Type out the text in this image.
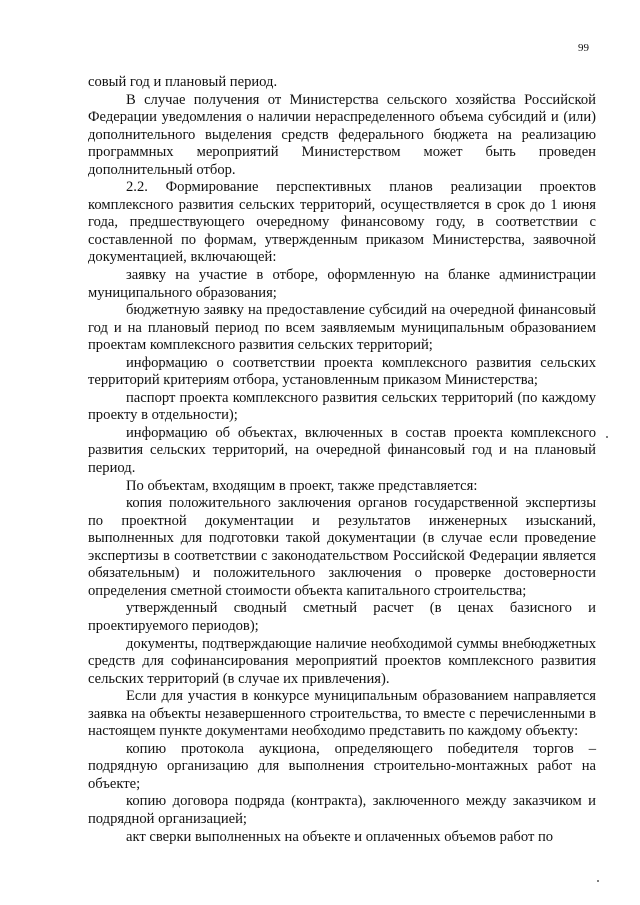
99

совый год и плановый период.

В случае получения от Министерства сельского хозяйства Российской Федерации уведомления о наличии нераспределенного объема субсидий и (или) дополнительного выделения средств федерального бюджета на реализацию программных мероприятий Министерством может быть проведен дополнительный отбор.

2.2. Формирование перспективных планов реализации проектов комплексного развития сельских территорий, осуществляется в срок до 1 июня года, предшествующего очередному финансовому году, в соответствии с составленной по формам, утвержденным приказом Министерства, заявочной документацией, включающей:

заявку на участие в отборе, оформленную на бланке администрации муниципального образования;

бюджетную заявку на предоставление субсидий на очередной финансовый год и на плановый период по всем заявляемым муниципальным образованием проектам комплексного развития сельских территорий;

информацию о соответствии проекта комплексного развития сельских территорий критериям отбора, установленным приказом Министерства;

паспорт проекта комплексного развития сельских территорий (по каждому проекту в отдельности);

информацию об объектах, включенных в состав проекта комплексного развития сельских территорий, на очередной финансовый год и на плановый период.

По объектам, входящим в проект, также представляется:

копия положительного заключения органов государственной экспертизы по проектной документации и результатов инженерных изысканий, выполненных для подготовки такой документации (в случае если проведение экспертизы в соответствии с законодательством Российской Федерации является обязательным) и положительного заключения о проверке достоверности определения сметной стоимости объекта капитального строительства;

утвержденный сводный сметный расчет (в ценах базисного и проектируемого периодов);

документы, подтверждающие наличие необходимой суммы внебюджетных средств для софинансирования мероприятий проектов комплексного развития сельских территорий (в случае их привлечения).

Если для участия в конкурсе муниципальным образованием направляется заявка на объекты незавершенного строительства, то вместе с перечисленными в настоящем пункте документами необходимо представить по каждому объекту:

копию протокола аукциона, определяющего победителя торгов – подрядную организацию для выполнения строительно-монтажных работ на объекте;

копию договора подряда (контракта), заключенного между заказчиком и подрядной организацией;

акт сверки выполненных на объекте и оплаченных объемов работ по
